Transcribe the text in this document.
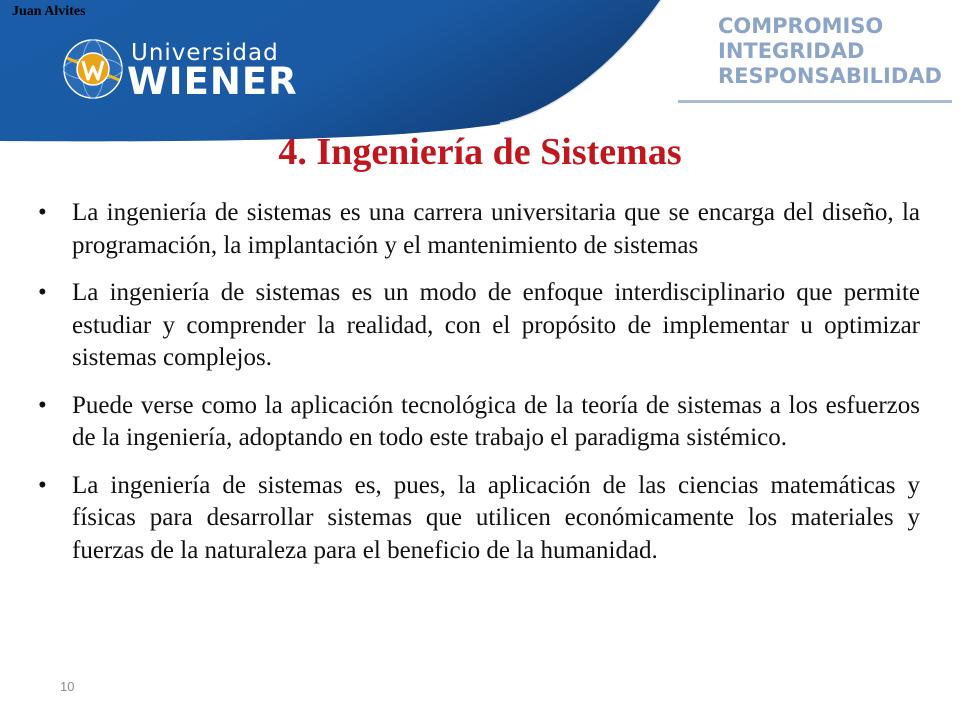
Juan Alvites
Universidad
WIENER
COMPROMISO
INTEGRIDAD
RESPONSABILIDAD
4. Ingeniería de Sistemas
• La ingeniería de sistemas es una carrera universitaria que se encarga del diseño, la programación, la implantación y el mantenimiento de sistemas
• La ingeniería de sistemas es un modo de enfoque interdisciplinario que permite estudiar y comprender la realidad, con el propósito de implementar u optimizar sistemas complejos.
• Puede verse como la aplicación tecnológica de la teoría de sistemas a los esfuerzos de la ingeniería, adoptando en todo este trabajo el paradigma sistémico.
• La ingeniería de sistemas es, pues, la aplicación de las ciencias matemáticas y físicas para desarrollar sistemas que utilicen económicamente los materiales y fuerzas de la naturaleza para el beneficio de la humanidad.
10
